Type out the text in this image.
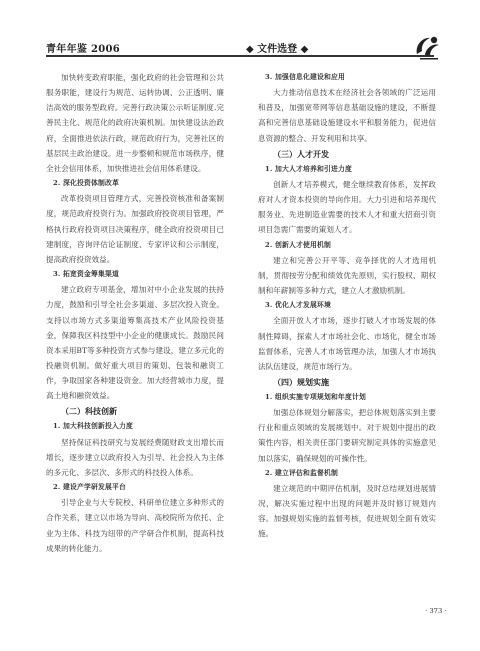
青年年鉴 2006	◆ 文件选登 ◆
加快转变政府职能，强化政府的社会管理和公共服务职能，建设行为规范、运转协调、公正透明、廉洁高效的服务型政府。完善行政决策公示听证制度.完善民主化、规范化的政府决策机制。加快建设法治政府，全面推进依法行政，规范政府行为，完善社区的基层民主政治建设。进一步整顿和规范市场秩序，健全社会信用体系，加快推进社会信用体系建设。
2. 深化投资体制改革
改革投资项目管理方式，完善投资核准和备案制度，规范政府投资行为。加强政府投资项目管理，严格执行政府投资项目决策程序，健全政府投资项目已建制度，咨询评估论证制度、专家评议和公示制度，提高政府投资效益。
3. 拓宽资金筹集渠道
建立政府专项基金，增加对中小企业发展的扶持力度，鼓励和引导全社会多渠道、多层次投入资金。支持以市场方式多渠道筹集高技术产业风险投资基金，保障我区科技型中小企业的健康成长。鼓励民间资本采用BT等多种投资方式参与建设，建立多元化的投融资机制。做好重大项目的策划、包装和融资工作，争取国家各种建设资金。加大经营城市力度，提高土地和融资效益。
（二）科技创新
1. 加大科技创新投入力度
坚持保证科技研究与发展经费随财政支出增长而增长，逐步建立以政府投入为引导、社会投入为主体的多元化、多层次、多形式的科技投入体系。
2. 建设产学研发展平台
引导企业与大专院校、科研单位建立多种形式的合作关系，建立以市场为导向、高校院所为依托、企业为主体、科技为纽带的产学研合作机制，提高科技成果的转化能力。
3. 加强信息化建设和应用
大力推动信息技术在经济社会各领域的广泛运用和普及，加强宽带网等信息基础设施的建设，不断提高和完善信息基础设施建设水平和服务能力，促进信息资源的整合、开发利用和共享。
（三）人才开发
1. 加大人才培养和引进力度
创新人才培养模式，健全继续教育体系，发挥政府对人才资本投资的导向作用。大力引进和培养现代服务业、先进制造业需要的技术人才和重大招商引资项目急需广需要的策划人才。
2. 创新人才使用机制
建立和完善公开平等、竞争择优的人才选用机制，贯彻按劳分配和绩效优先原则，实行股权、期权制和年薪制等多种方式，建立人才激励机制。
3. 优化人才发展环境
全面开放人才市场，逐步打破人才市场发展的体制性障碍，探索人才市场社会化、市场化，健全市场监督体系，完善人才市场管理办法，加强人才市场执法队伍建设，规范市场行为。
（四）规划实施
1. 组织实施专项规划和年度计划
加强总体规划分解落实，把总体规划落实到主要行业和重点领域的发展规划中。对于规划中提出的政策性内容，相关责任部门要研究制定具体的实施意见加以落实，确保规划的可操作性。
2. 建立评估和监督机制
建立规范的中期评估机制，及时总结规划进展情况，解决实施过程中出现的问题并及时修订规划内容。加强规划实施的监督考核，促进规划全面有效实施。
· 373 ·
